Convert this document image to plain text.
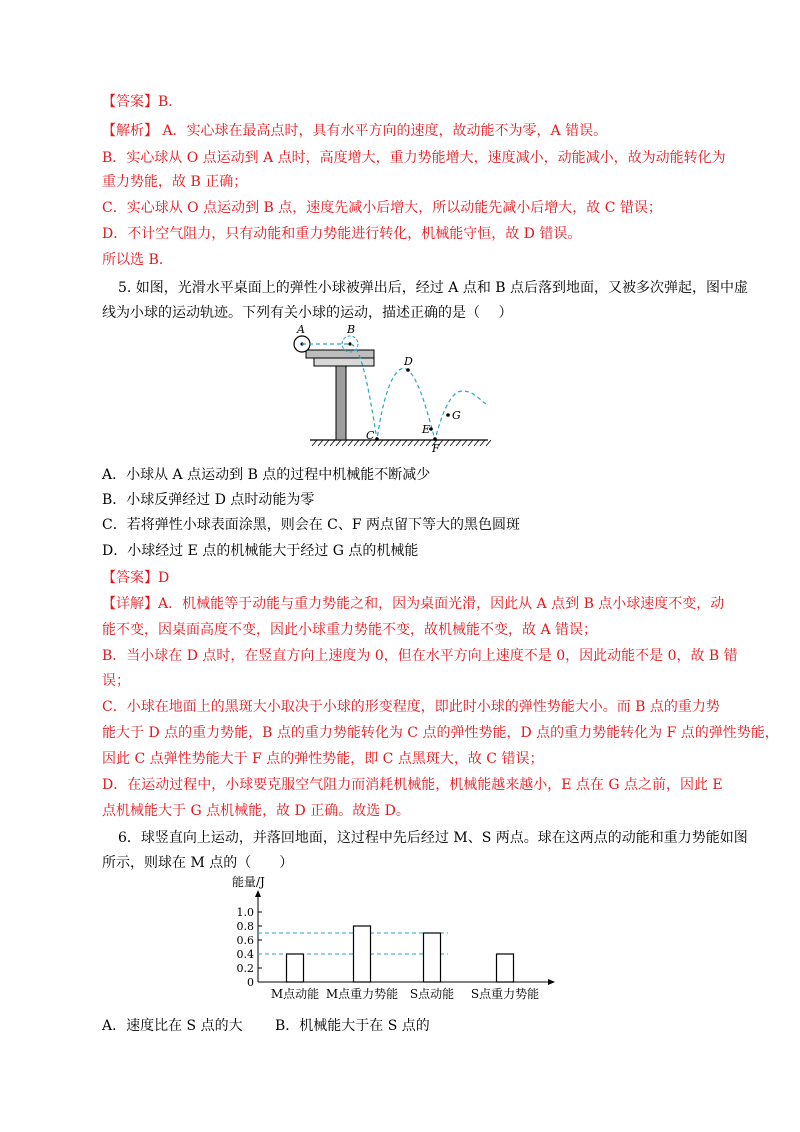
【答案】B.

【解析】 A．实心球在最高点时，具有水平方向的速度，故动能不为零，A 错误。

B．实心球从 O 点运动到 A 点时，高度增大，重力势能增大，速度减小，动能减小，故为动能转化为

重力势能，故 B 正确；

C．实心球从 O 点运动到 B 点，速度先减小后增大，所以动能先减小后增大，故 C 错误；

D．不计空气阻力，只有动能和重力势能进行转化，机械能守恒，故 D 错误。

所以选 B.

5. 如图，光滑水平桌面上的弹性小球被弹出后，经过 A 点和 B 点后落到地面，又被多次弹起，图中虚

线为小球的运动轨迹。下列有关小球的运动，描述正确的是（　 ）

A	B
D
C	E
F
G

A．小球从 A 点运动到 B 点的过程中机械能不断减少

B．小球反弹经过 D 点时动能为零

C．若将弹性小球表面涂黑，则会在 C、F 两点留下等大的黑色圆斑

D．小球经过 E 点的机械能大于经过 G 点的机械能

【答案】D

【详解】A．机械能等于动能与重力势能之和，因为桌面光滑，因此从 A 点到 B 点小球速度不变，动

能不变，因桌面高度不变，因此小球重力势能不变，故机械能不变，故 A 错误；

B．当小球在 D 点时，在竖直方向上速度为 0，但在水平方向上速度不是 0，因此动能不是 0，故 B 错

误；

C．小球在地面上的黑斑大小取决于小球的形变程度，即此时小球的弹性势能大小。而 B 点的重力势

能大于 D 点的重力势能，B 点的重力势能转化为 C 点的弹性势能，D 点的重力势能转化为 F 点的弹性势能，

因此 C 点弹性势能大于 F 点的弹性势能，即 C 点黑斑大，故 C 错误；

D．在运动过程中，小球要克服空气阻力而消耗机械能，机械能越来越小，E 点在 G 点之前，因此 E

点机械能大于 G 点机械能，故 D 正确。故选 D。

6．球竖直向上运动，并落回地面，这过程中先后经过 M、S 两点。球在这两点的动能和重力势能如图

所示，则球在 M 点的（　　）

能量/J
0
0.2
0.4
0.6
0.8
1.0
M点动能 M点重力势能 S点动能 S点重力势能

A．速度比在 S 点的大	B．机械能大于在 S 点的
